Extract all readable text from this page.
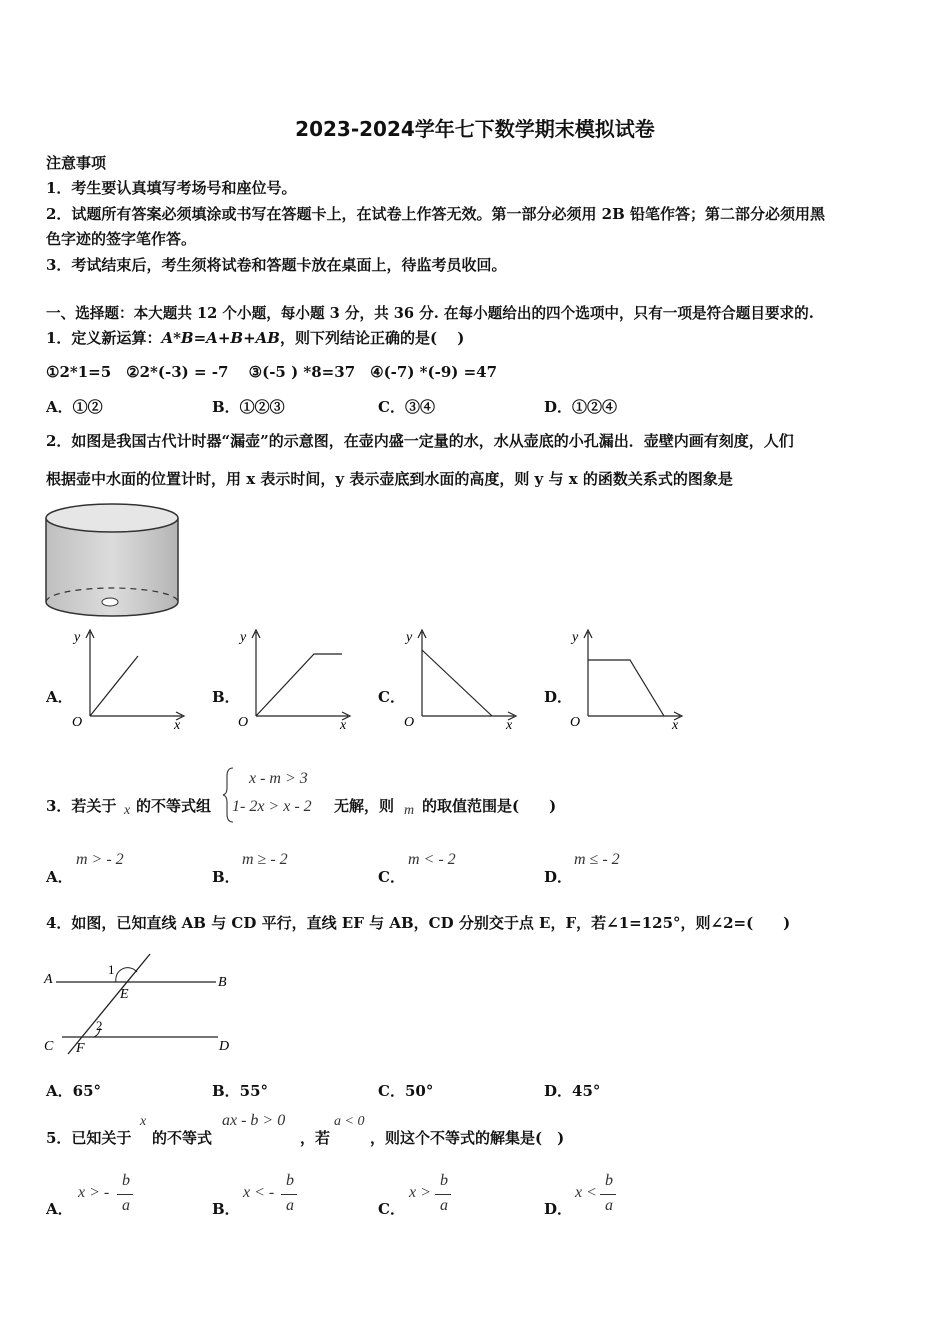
2023-2024学年七下数学期末模拟试卷
注意事项
1．考生要认真填写考场号和座位号。
2．试题所有答案必须填涂或书写在答题卡上，在试卷上作答无效。第一部分必须用 2B 铅笔作答；第二部分必须用黑
色字迹的签字笔作答。
3．考试结束后，考生须将试卷和答题卡放在桌面上，待监考员收回。
一、选择题：本大题共 12 个小题，每小题 3 分，共 36 分. 在每小题给出的四个选项中，只有一项是符合题目要求的.
1．定义新运算：A*B=A+B+AB，则下列结论正确的是(　 )
①2*1=5　②2*(-3) = -7　 ③(-5 ) *8=37　④(-7) *(-9) =47
A．①②	B．①②③	C．③④	D．①②④
2．如图是我国古代计时器“漏壶”的示意图，在壶内盛一定量的水，水从壶底的小孔漏出．壶壁内画有刻度，人们
根据壶中水面的位置计时，用 x 表示时间，y 表示壶底到水面的高度，则 y 与 x 的函数关系式的图象是
A．
y
O	x
B．
y
O	x
C．
y
O	x
D．
y
O	x
3．若关于 x 的不等式组
x - m > 3
1- 2x > x - 2 无解，则 m 的取值范围是(　　)
A．
m > - 2
B．
m ≥ - 2
C．
m < - 2
D．
m ≤ - 2
4．如图，已知直线 AB 与 CD 平行，直线 EF 与 AB，CD 分别交于点 E，F，若∠1=125°，则∠2=(　　)
A	B
C	D
E
F
1
2
A．65°	B．55°	C．50°	D．45°
5．已知关于
x
的不等式
ax - b > 0
，若
a < 0
，则这个不等式的解集是(　)
A．
x > -
b
a	B．
x < -
b
a	C．
x >
b
a	D．
x <
b
a
